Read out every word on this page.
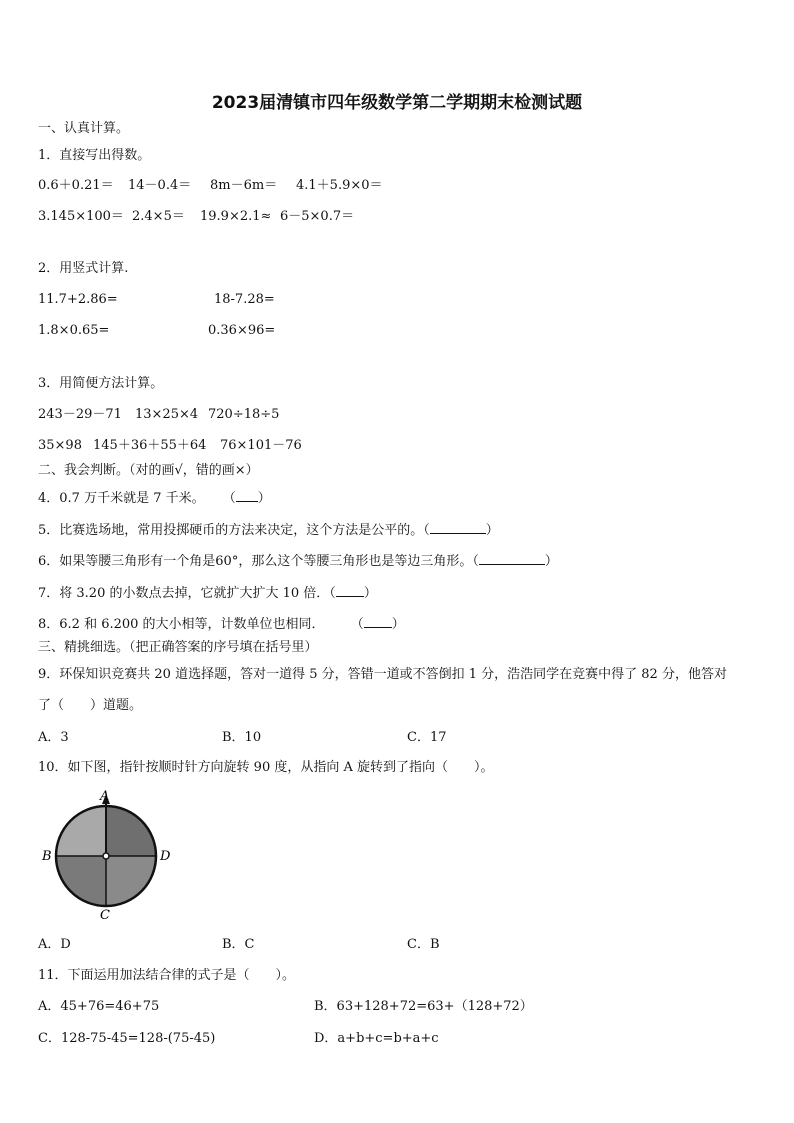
2023届清镇市四年级数学第二学期期末检测试题
一、认真计算。
1．直接写出得数。
0.6＋0.21＝ 14－0.4＝ 8m－6m＝ 4.1＋5.9×0＝
3.145×100＝ 2.4×5＝ 19.9×2.1≈ 6－5×0.7＝
2．用竖式计算.
11.7+2.86=	18-7.28=
1.8×0.65=	0.36×96=
3．用简便方法计算。
243－29－71 13×25×4 720÷18÷5
35×98 145＋36＋55＋64 76×101－76
二、我会判断。（对的画√，错的画×）
4．0.7 万千米就是 7 千米。 （ ）
5．比赛选场地，常用投掷硬币的方法来决定，这个方法是公平的。（	）
6．如果等腰三角形有一个角是60°，那么这个等腰三角形也是等边三角形。（	）
7．将 3.20 的小数点去掉，它就扩大扩大 10 倍．（ ）
8．6.2 和 6.200 的大小相等，计数单位也相同． （ ）
三、精挑细选。（把正确答案的序号填在括号里）
9．环保知识竞赛共 20 道选择题，答对一道得 5 分，答错一道或不答倒扣 1 分，浩浩同学在竞赛中得了 82 分，他答对
了（　　）道题。
A．3	B．10	C．17
10．如下图，指针按顺时针方向旋转 90 度，从指向 A 旋转到了指向（　　）。
A
B
C
D
A．D	B．C	C．B
11．下面运用加法结合律的式子是（　　）。
A．45+76=46+75	B．63+128+72=63+（128+72）
C．128-75-45=128-(75-45)	D．a+b+c=b+a+c
